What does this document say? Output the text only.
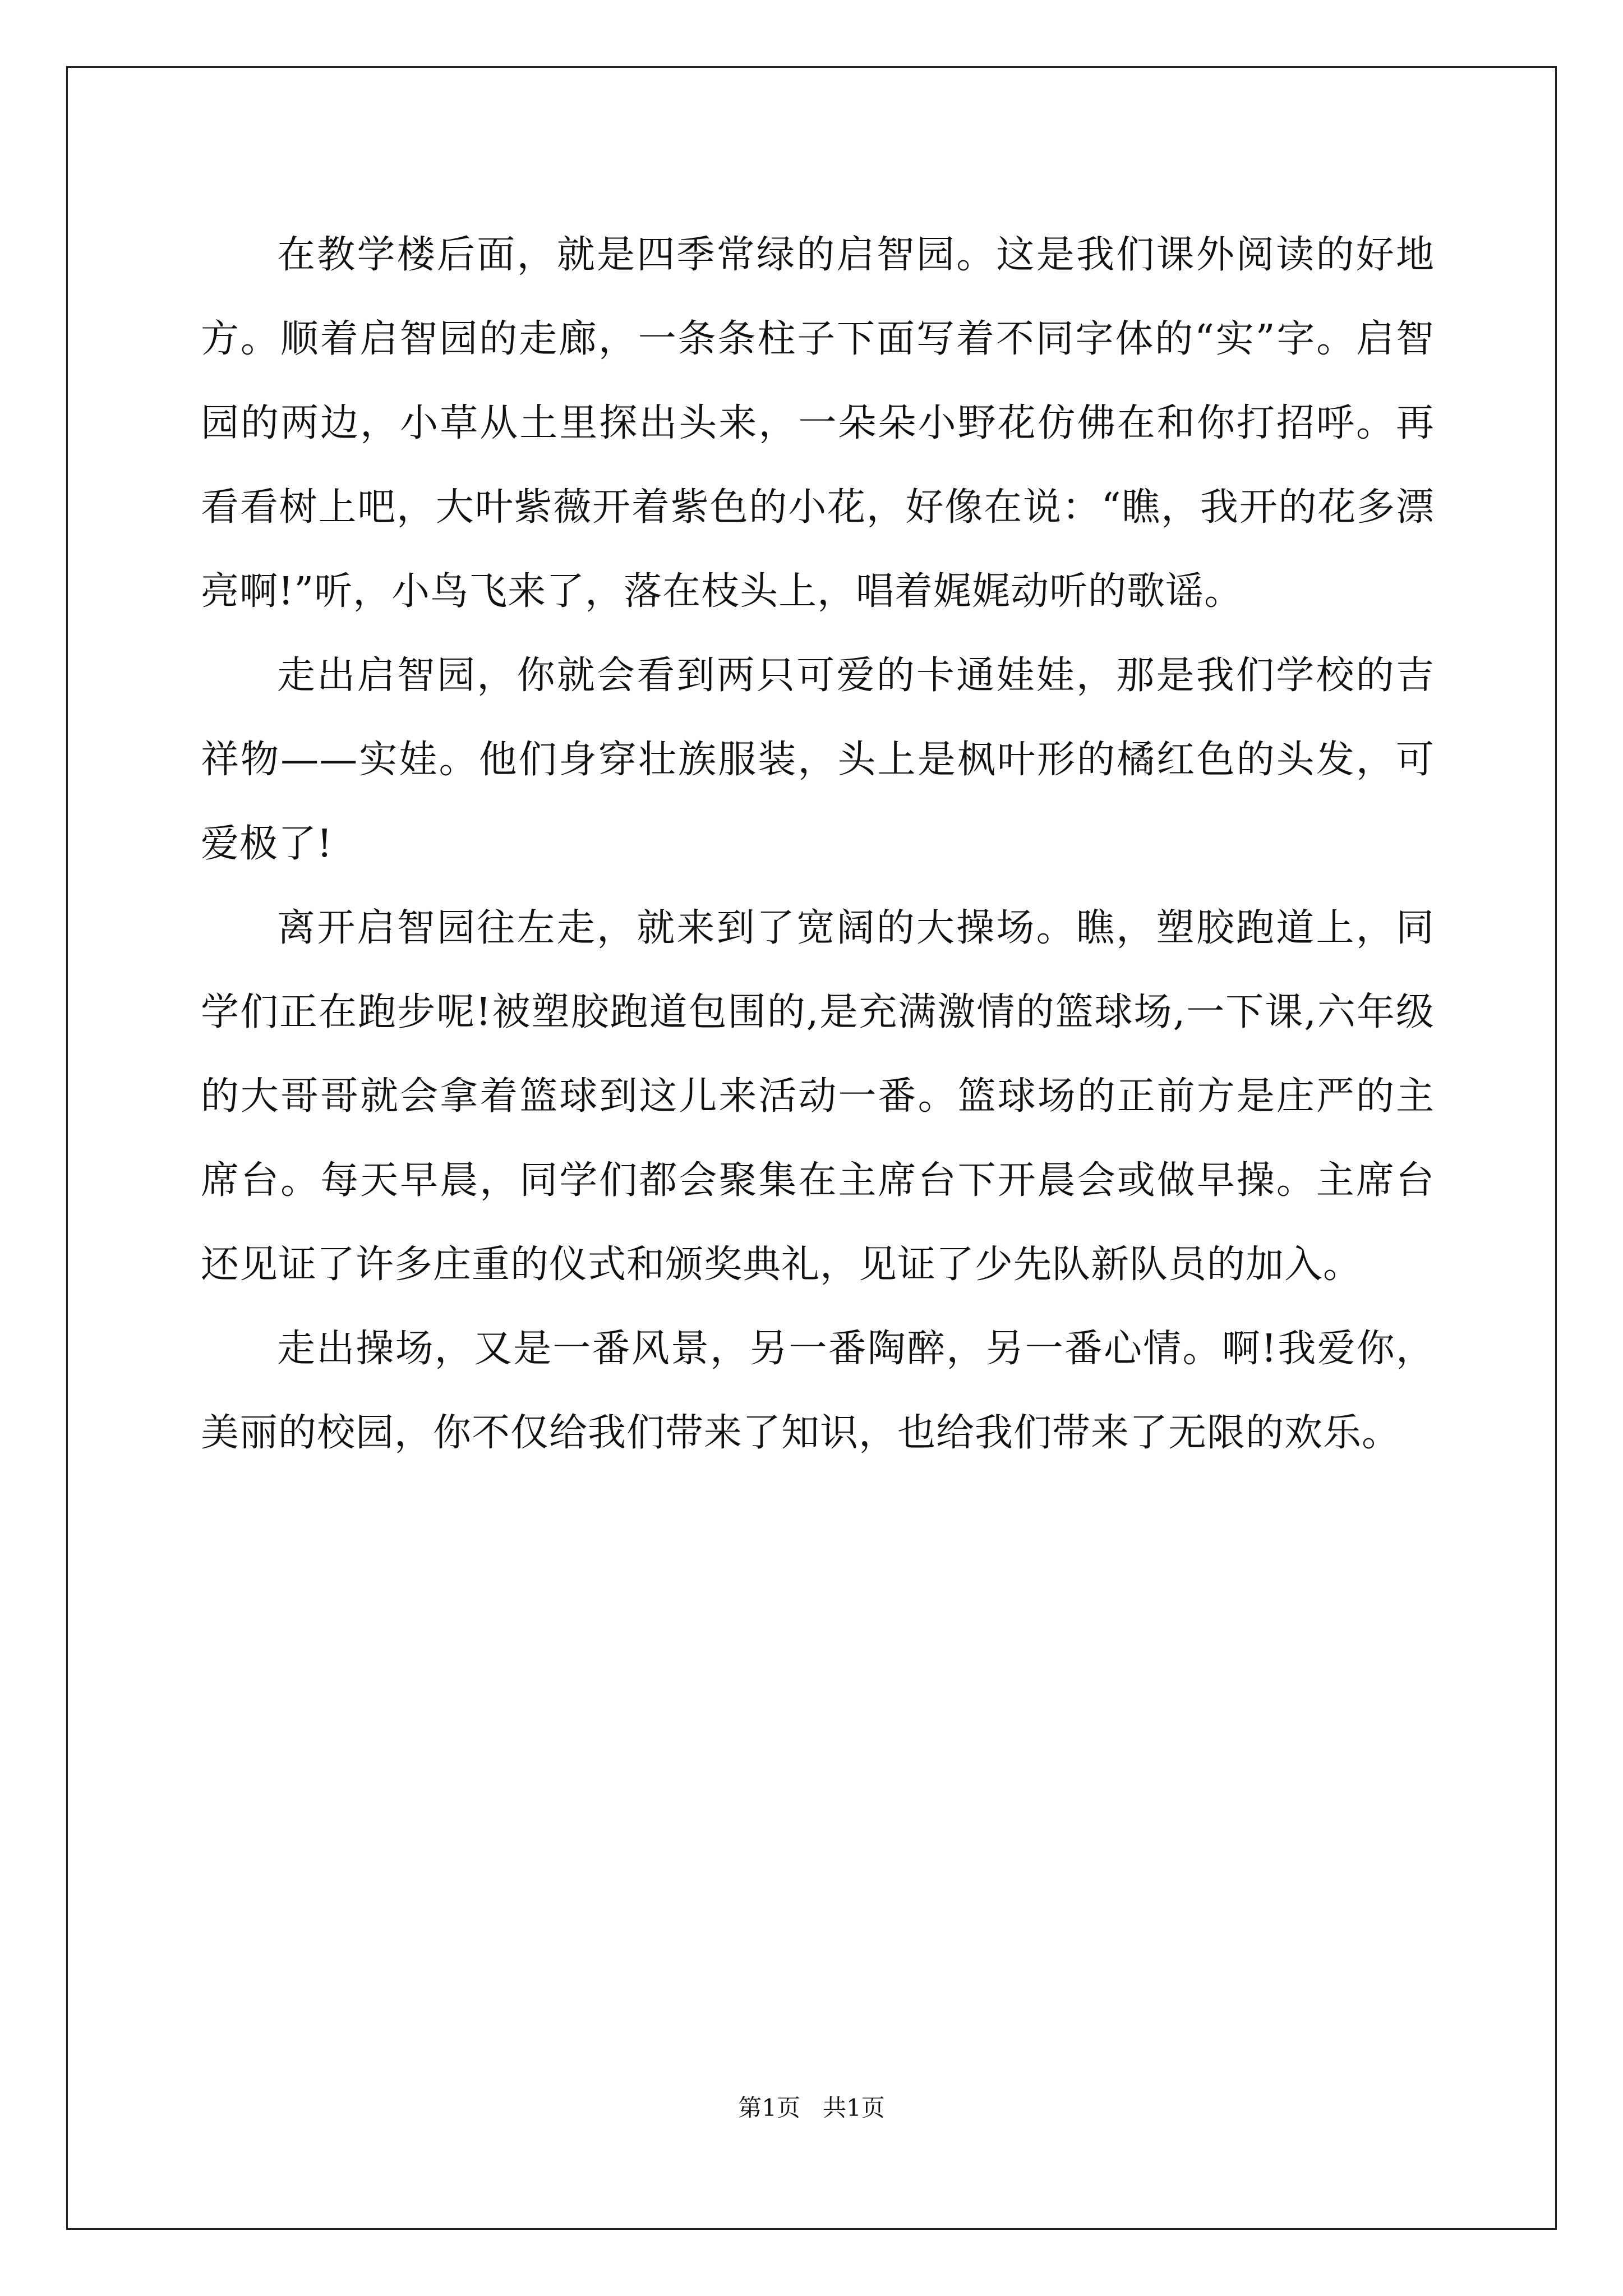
在教学楼后面，就是四季常绿的启智园。这是我们课外阅读的好地方。顺着启智园的走廊，一条条柱子下面写着不同字体的“实”字。启智园的两边，小草从土里探出头来，一朵朵小野花仿佛在和你打招呼。再看看树上吧，大叶紫薇开着紫色的小花，好像在说：“瞧，我开的花多漂亮啊!”听，小鸟飞来了，落在枝头上，唱着娓娓动听的歌谣。

走出启智园，你就会看到两只可爱的卡通娃娃，那是我们学校的吉祥物——实娃。他们身穿壮族服装，头上是枫叶形的橘红色的头发，可爱极了!

离开启智园往左走，就来到了宽阔的大操场。瞧，塑胶跑道上，同学们正在跑步呢!被塑胶跑道包围的,是充满激情的篮球场,一下课,六年级的大哥哥就会拿着篮球到这儿来活动一番。篮球场的正前方是庄严的主席台。每天早晨，同学们都会聚集在主席台下开晨会或做早操。主席台还见证了许多庄重的仪式和颁奖典礼，见证了少先队新队员的加入。

走出操场，又是一番风景，另一番陶醉，另一番心情。啊!我爱你，美丽的校园，你不仅给我们带来了知识，也给我们带来了无限的欢乐。

第1页 共1页
